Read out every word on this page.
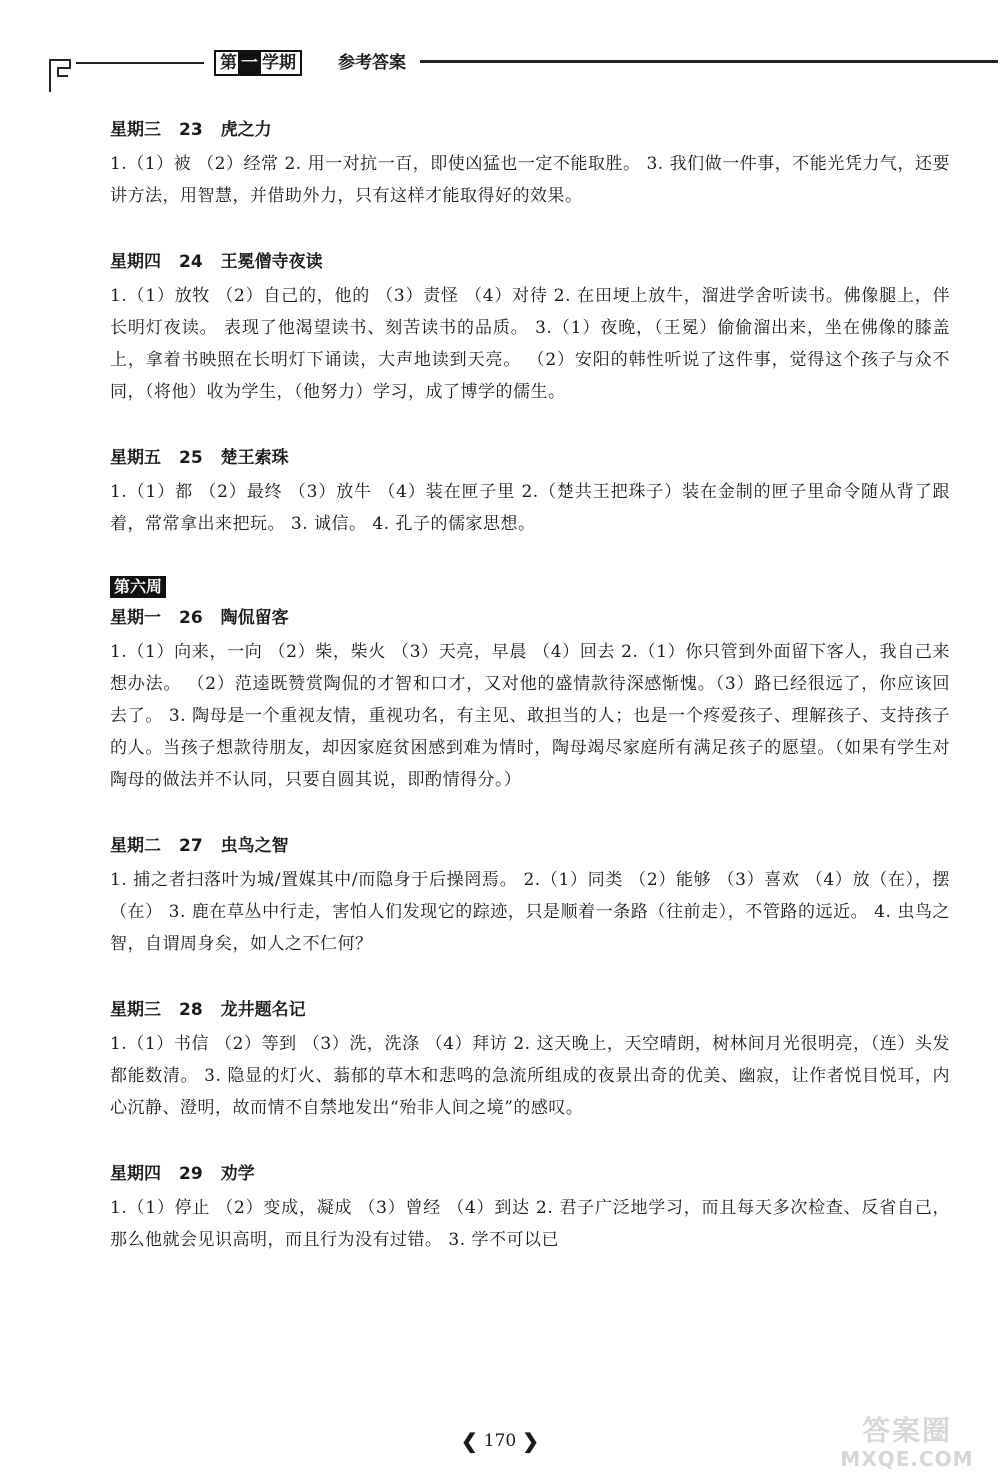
第 一 学期	参考答案
星期三 23 虎之力
1.（1）被 （2）经常 2. 用一对抗一百，即使凶猛也一定不能取胜。 3. 我们做一件事，不能光凭力气，还要讲方法，用智慧，并借助外力，只有这样才能取得好的效果。
星期四 24 王冕僧寺夜读
1.（1）放牧 （2）自己的，他的 （3）责怪 （4）对待 2. 在田埂上放牛，溜进学舍听读书。佛像腿上，伴长明灯夜读。 表现了他渴望读书、刻苦读书的品质。 3.（1）夜晚，（王冕）偷偷溜出来，坐在佛像的膝盖上，拿着书映照在长明灯下诵读，大声地读到天亮。 （2）安阳的韩性听说了这件事，觉得这个孩子与众不同，（将他）收为学生，（他努力）学习，成了博学的儒生。
星期五 25 楚王索珠
1.（1）都 （2）最终 （3）放牛 （4）装在匣子里 2.（楚共王把珠子）装在金制的匣子里命令随从背了跟着，常常拿出来把玩。 3. 诚信。 4. 孔子的儒家思想。
第六周
星期一 26 陶侃留客
1.（1）向来，一向 （2）柴，柴火 （3）天亮，早晨 （4）回去 2.（1）你只管到外面留下客人，我自己来想办法。 （2）范逵既赞赏陶侃的才智和口才，又对他的盛情款待深感惭愧。（3）路已经很远了，你应该回去了。 3. 陶母是一个重视友情，重视功名，有主见、敢担当的人；也是一个疼爱孩子、理解孩子、支持孩子的人。当孩子想款待朋友，却因家庭贫困感到难为情时，陶母竭尽家庭所有满足孩子的愿望。（如果有学生对陶母的做法并不认同，只要自圆其说，即酌情得分。）
星期二 27 虫鸟之智
1. 捕之者扫落叶为城/置媒其中/而隐身于后操罔焉。 2.（1）同类 （2）能够 （3）喜欢 （4）放（在），摆（在） 3. 鹿在草丛中行走，害怕人们发现它的踪迹，只是顺着一条路（往前走），不管路的远近。 4. 虫鸟之智，自谓周身矣，如人之不仁何？
星期三 28 龙井题名记
1.（1）书信 （2）等到 （3）洗，洗涤 （4）拜访 2. 这天晚上，天空晴朗，树林间月光很明亮，（连）头发都能数清。 3. 隐显的灯火、蓊郁的草木和悲鸣的急流所组成的夜景出奇的优美、幽寂，让作者悦目悦耳，内心沉静、澄明，故而情不自禁地发出“殆非人间之境”的感叹。
星期四 29 劝学
1.（1）停止 （2）变成，凝成 （3）曾经 （4）到达 2. 君子广泛地学习，而且每天多次检查、反省自己，那么他就会见识高明，而且行为没有过错。 3. 学不可以已
❮ 170 ❯	答案圈
MXQE.COM
